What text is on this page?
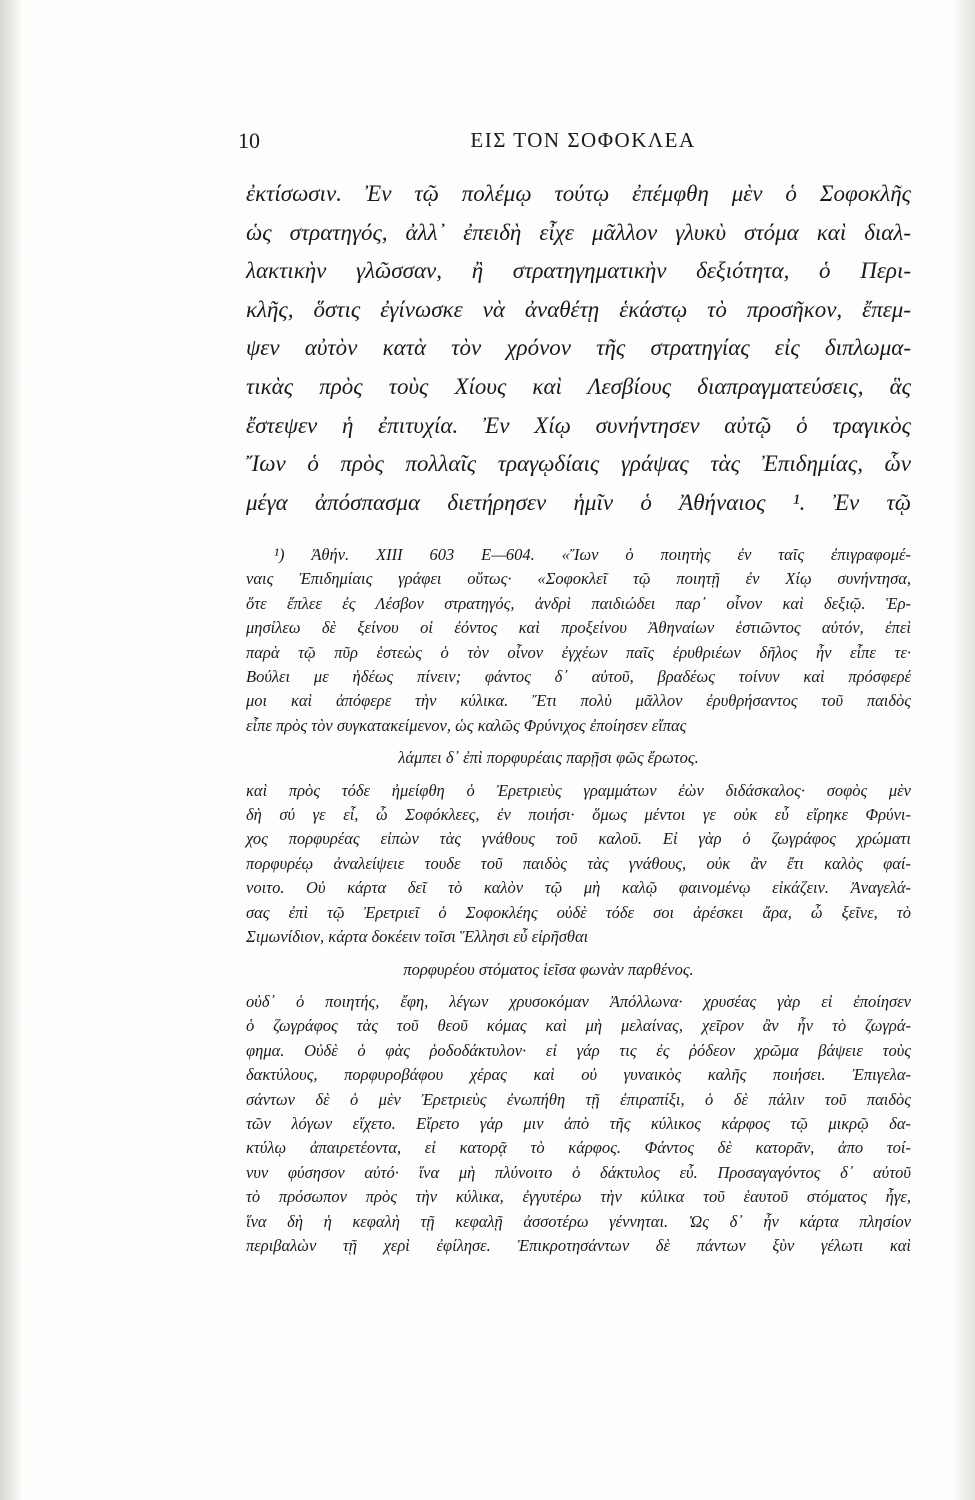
10	ΕΙΣ ΤΟΝ ΣΟΦΟΚΛΕΑ
ἐκτίσωσιν. Ἐν τῷ πολέμῳ τούτῳ ἐπέμφθη μὲν ὁ Σοφοκλῆς
ὡς στρατηγός, ἀλλ᾽ ἐπειδὴ εἶχε μᾶλλον γλυκὺ στόμα καὶ διαλ-
λακτικὴν γλῶσσαν, ἢ στρατηγηματικὴν δεξιότητα, ὁ Περι-
κλῆς, ὅστις ἐγίνωσκε νὰ ἀναθέτῃ ἑκάστῳ τὸ προσῆκον, ἔπεμ-
ψεν αὐτὸν κατὰ τὸν χρόνον τῆς στρατηγίας εἰς διπλωμα-
τικὰς πρὸς τοὺς Χίους καὶ Λεσβίους διαπραγματεύσεις, ἃς
ἔστεψεν ἡ ἐπιτυχία. Ἐν Χίῳ συνήντησεν αὐτῷ ὁ τραγικὸς
Ἴων ὁ πρὸς πολλαῖς τραγῳδίαις γράψας τὰς Ἐπιδημίας, ὧν
μέγα ἀπόσπασμα διετήρησεν ἡμῖν ὁ Ἀθήναιος ¹. Ἐν τῷ
¹) Ἀθήν. XIII 603 E—604. «Ἴων ὁ ποιητὴς ἐν ταῖς ἐπιγραφομέ-
ναις Ἐπιδημίαις γράφει οὕτως· «Σοφοκλεῖ τῷ ποιητῇ ἐν Χίῳ συνήντησα,
ὅτε ἔπλεε ἐς Λέσβον στρατηγός, ἀνδρὶ παιδιώδει παρ᾽ οἶνον καὶ δεξιῷ. Ἑρ-
μησίλεω δὲ ξείνου οἱ ἐόντος καὶ προξείνου Ἀθηναίων ἑστιῶντος αὐτόν, ἐπεὶ
παρὰ τῷ πῦρ ἑστεὼς ὁ τὸν οἶνον ἐγχέων παῖς ἐρυθριέων δῆλος ἦν εἶπε τε·
Βούλει με ἡδέως πίνειν; φάντος δ᾽ αὐτοῦ, βραδέως τοίνυν καὶ πρόσφερέ
μοι καὶ ἀπόφερε τὴν κύλικα. Ἔτι πολὺ μᾶλλον ἐρυθρήσαντος τοῦ παιδὸς
εἶπε πρὸς τὸν συγκατακείμενον, ὡς καλῶς Φρύνιχος ἐποίησεν εἴπας
λάμπει δ᾽ ἐπὶ πορφυρέαις παρῇσι φῶς ἔρωτος.
καὶ πρὸς τόδε ἠμείφθη ὁ Ἐρετριεὺς γραμμάτων ἐὼν διδάσκαλος· σοφὸς μὲν
δὴ σύ γε εἶ, ὦ Σοφόκλεες, ἐν ποιήσι· ὅμως μέντοι γε οὐκ εὖ εἴρηκε Φρύνι-
χος πορφυρέας εἰπὼν τὰς γνάθους τοῦ καλοῦ. Εἰ γὰρ ὁ ζωγράφος χρώματι
πορφυρέῳ ἀναλείψειε τουδε τοῦ παιδὸς τὰς γνάθους, οὐκ ἂν ἔτι καλὸς φαί-
νοιτο. Οὐ κάρτα δεῖ τὸ καλὸν τῷ μὴ καλῷ φαινομένῳ εἰκάζειν. Ἀναγελά-
σας ἐπὶ τῷ Ἐρετριεῖ ὁ Σοφοκλέης οὐδὲ τόδε σοι ἀρέσκει ἄρα, ὦ ξεῖνε, τὸ
Σιμωνίδιον, κάρτα δοκέειν τοῖσι Ἕλλησι εὖ εἰρῆσθαι
πορφυρέου στόματος ἱεῖσα φωνὰν παρθένος.
οὐδ᾽ ὁ ποιητής, ἔφη, λέγων χρυσοκόμαν Ἀπόλλωνα· χρυσέας γὰρ εἰ ἐποίησεν
ὁ ζωγράφος τὰς τοῦ θεοῦ κόμας καὶ μὴ μελαίνας, χεῖρον ἂν ἦν τὸ ζωγρά-
φημα. Οὐδὲ ὁ φὰς ῥοδοδάκτυλον· εἰ γάρ τις ἐς ῥόδεον χρῶμα βάψειε τοὺς
δακτύλους, πορφυροβάφου χέρας καὶ οὐ γυναικὸς καλῆς ποιήσει. Ἐπιγελα-
σάντων δὲ ὁ μὲν Ἐρετριεὺς ἐνωπήθη τῇ ἐπιραπίξι, ὁ δὲ πάλιν τοῦ παιδὸς
τῶν λόγων εἴχετο. Εἴρετο γάρ μιν ἀπὸ τῆς κύλικος κάρφος τῷ μικρῷ δα-
κτύλῳ ἀπαιρετέοντα, εἰ κατορᾷ τὸ κάρφος. Φάντος δὲ κατορᾶν, ἀπο τοί-
νυν φύσησον αὐτό· ἵνα μὴ πλύνοιτο ὁ δάκτυλος εὖ. Προσαγαγόντος δ᾽ αὐτοῦ
τὸ πρόσωπον πρὸς τὴν κύλικα, ἐγγυτέρω τὴν κύλικα τοῦ ἑαυτοῦ στόματος ἦγε,
ἵνα δὴ ἡ κεφαλὴ τῇ κεφαλῇ ἀσσοτέρω γέννηται. Ὡς δ᾽ ἦν κάρτα πλησίον
περιβαλὼν τῇ χερὶ ἐφίλησε. Ἐπικροτησάντων δὲ πάντων ξὺν γέλωτι καὶ
